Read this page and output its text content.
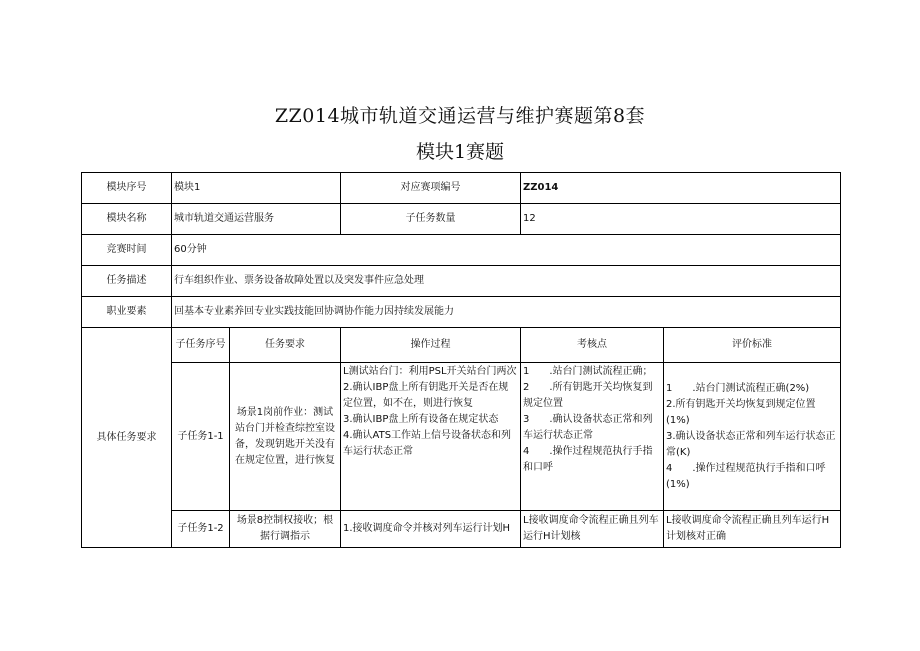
ZZ014城市轨道交通运营与维护赛题第8套
模块1赛题
模块序号	模块1		对应赛项编号	ZZ014	
模块名称	城市轨道交通运营服务		子任务数量	12	
竞赛时间	60分钟				
任务描述	行车组织作业、票务设备故障处置以及突发事件应急处理				
职业要素	回基本专业素养回专业实践技能回协调协作能力因持续发展能力				
具体任务要求	子任务序号	任务要求	操作过程	考核点	评价标准
	子任务1-1	场景1岗前作业：测试站台门并检查综控室设备，发现钥匙开关没有在规定位置，进行恢复	L测试站台门：利用PSL开关站台门两次
2.确认IBP盘上所有钥匙开关是否在规定位置，如不在，则进行恢复
3.确认IBP盘上所有设备在规定状态
4.确认ATS工作站上信号设备状态和列车运行状态正常	1　　.站台门测试流程正确；
2　　.所有钥匙开关均恢复到规定位置
3　　.确认设备状态正常和列车运行状态正常
4　　.操作过程规范执行手指和口呼	1　　.站台门测试流程正确(2%)
2.所有钥匙开关均恢复到规定位置(1%)
3.确认设备状态正常和列车运行状态正常(K)
4　　.操作过程规范执行手指和口呼(1%)

	子任务1-2	场景8控制权接收；根据行调指示	1.接收调度命令并核对列车运行计划H	L接收调度命令流程正确且列车运行H计划核	L接收调度命令流程正确且列车运行H计划核对正确
